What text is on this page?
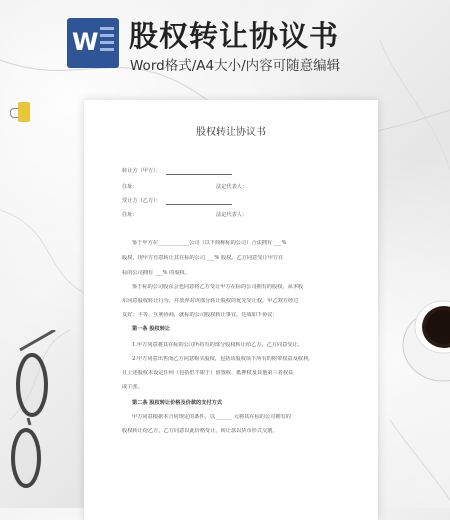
W 股权转让协议书
Word格式/A4大小/内容可随意编辑
股权转让协议书
转让方（甲方）：
住址：	法定代表人：
受让方（乙方）：
住址：	法定代表人：
鉴于甲方在____________公司（以下简称标的公司）合法拥有 ___%
股权，现甲方有意转让其在标的公司 ___% 股权。乙方同意受让甲方在
标的公司拥有 ___% 的股权。
鉴于标的公司股东会也同意将乙方受让甲方在标的公司拥有的股权，从本股
东同意股权转让行为，并放弃对该部分转让股权的优先受让权。甲乙双方经过
友好、平等、互利协商，就标的公司股权转让事宜，达成如下协议：
第一条 股权转让
1.甲方同意将其在标的公司所持有的部分股权转让给乙方，乙方同意受让。
2.甲方同意出售而乙方同意购买股权，包括该股权项下所有的附带权益及权利，
且上述股权未设定任何（包括但不限于）留置权、抵押权及其他第三者权益
或主张。
第二条 股权转让价格及价款的支付方式
甲方同意根据本合同规定的条件，以 ______ 元将其在标的公司拥有的
股权转让给乙方，乙方同意以此价格受让，转让款以货币形式交割。
